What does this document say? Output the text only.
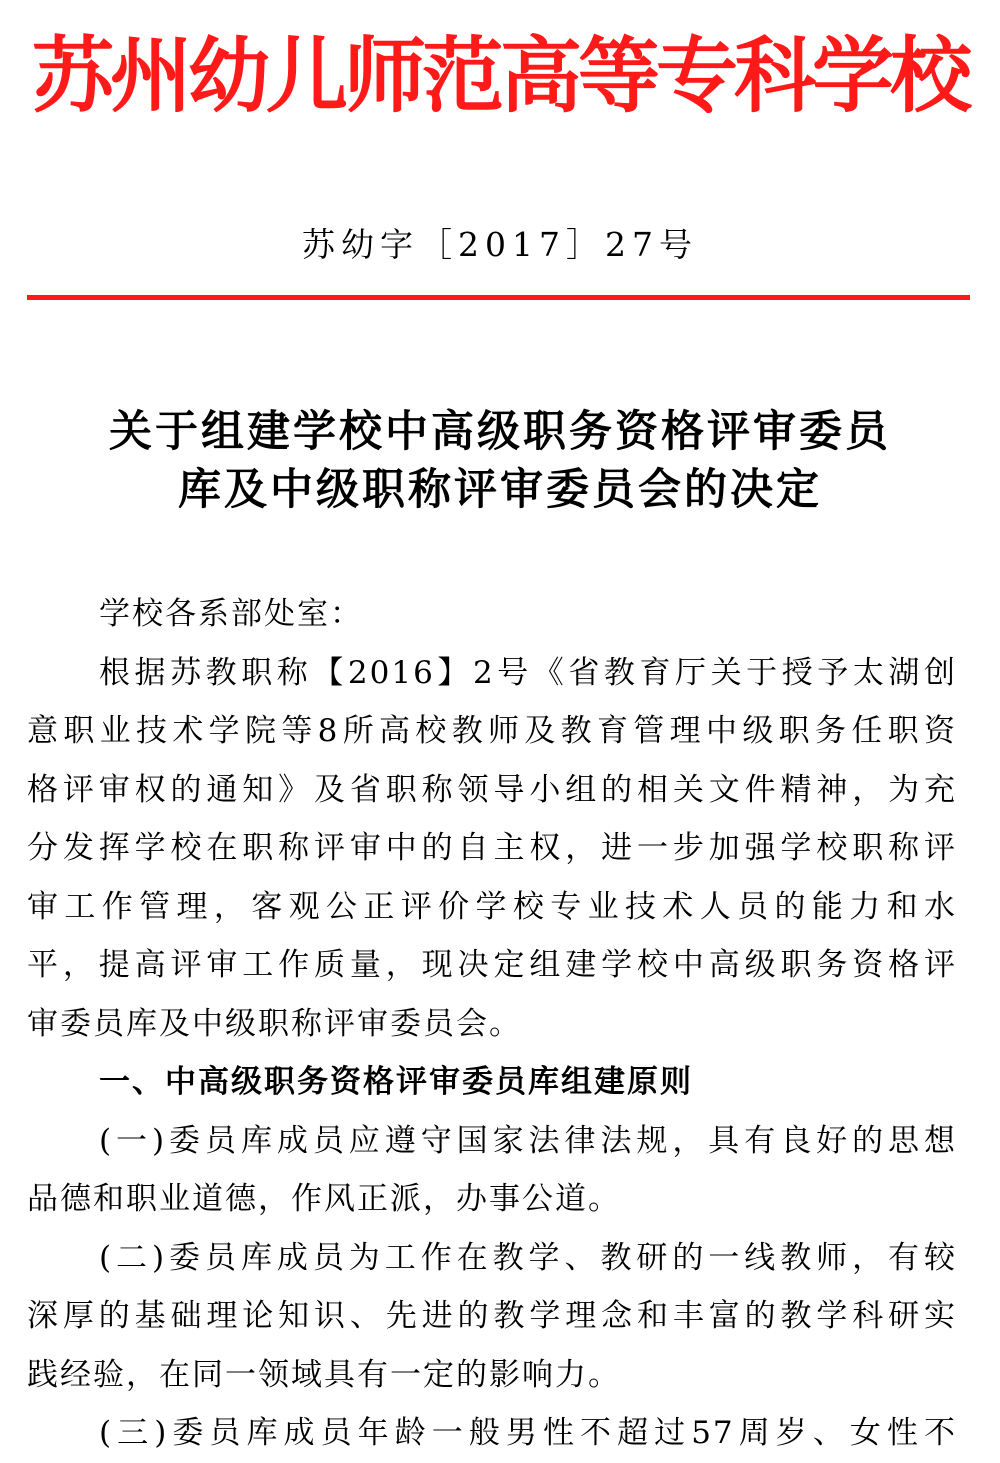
苏州幼儿师范高等专科学校
苏幼字［2017］27号
关于组建学校中高级职务资格评审委员
库及中级职称评审委员会的决定
学校各系部处室：
根据苏教职称【2016】2号《省教育厅关于授予太湖创
意职业技术学院等8所高校教师及教育管理中级职务任职资
格评审权的通知》及省职称领导小组的相关文件精神，为充
分发挥学校在职称评审中的自主权，进一步加强学校职称评
审工作管理，客观公正评价学校专业技术人员的能力和水
平，提高评审工作质量，现决定组建学校中高级职务资格评
审委员库及中级职称评审委员会。
一、中高级职务资格评审委员库组建原则
(一)委员库成员应遵守国家法律法规，具有良好的思想
品德和职业道德，作风正派，办事公道。
(二)委员库成员为工作在教学、教研的一线教师，有较
深厚的基础理论知识、先进的教学理念和丰富的教学科研实
践经验，在同一领域具有一定的影响力。
(三)委员库成员年龄一般男性不超过57周岁、女性不
